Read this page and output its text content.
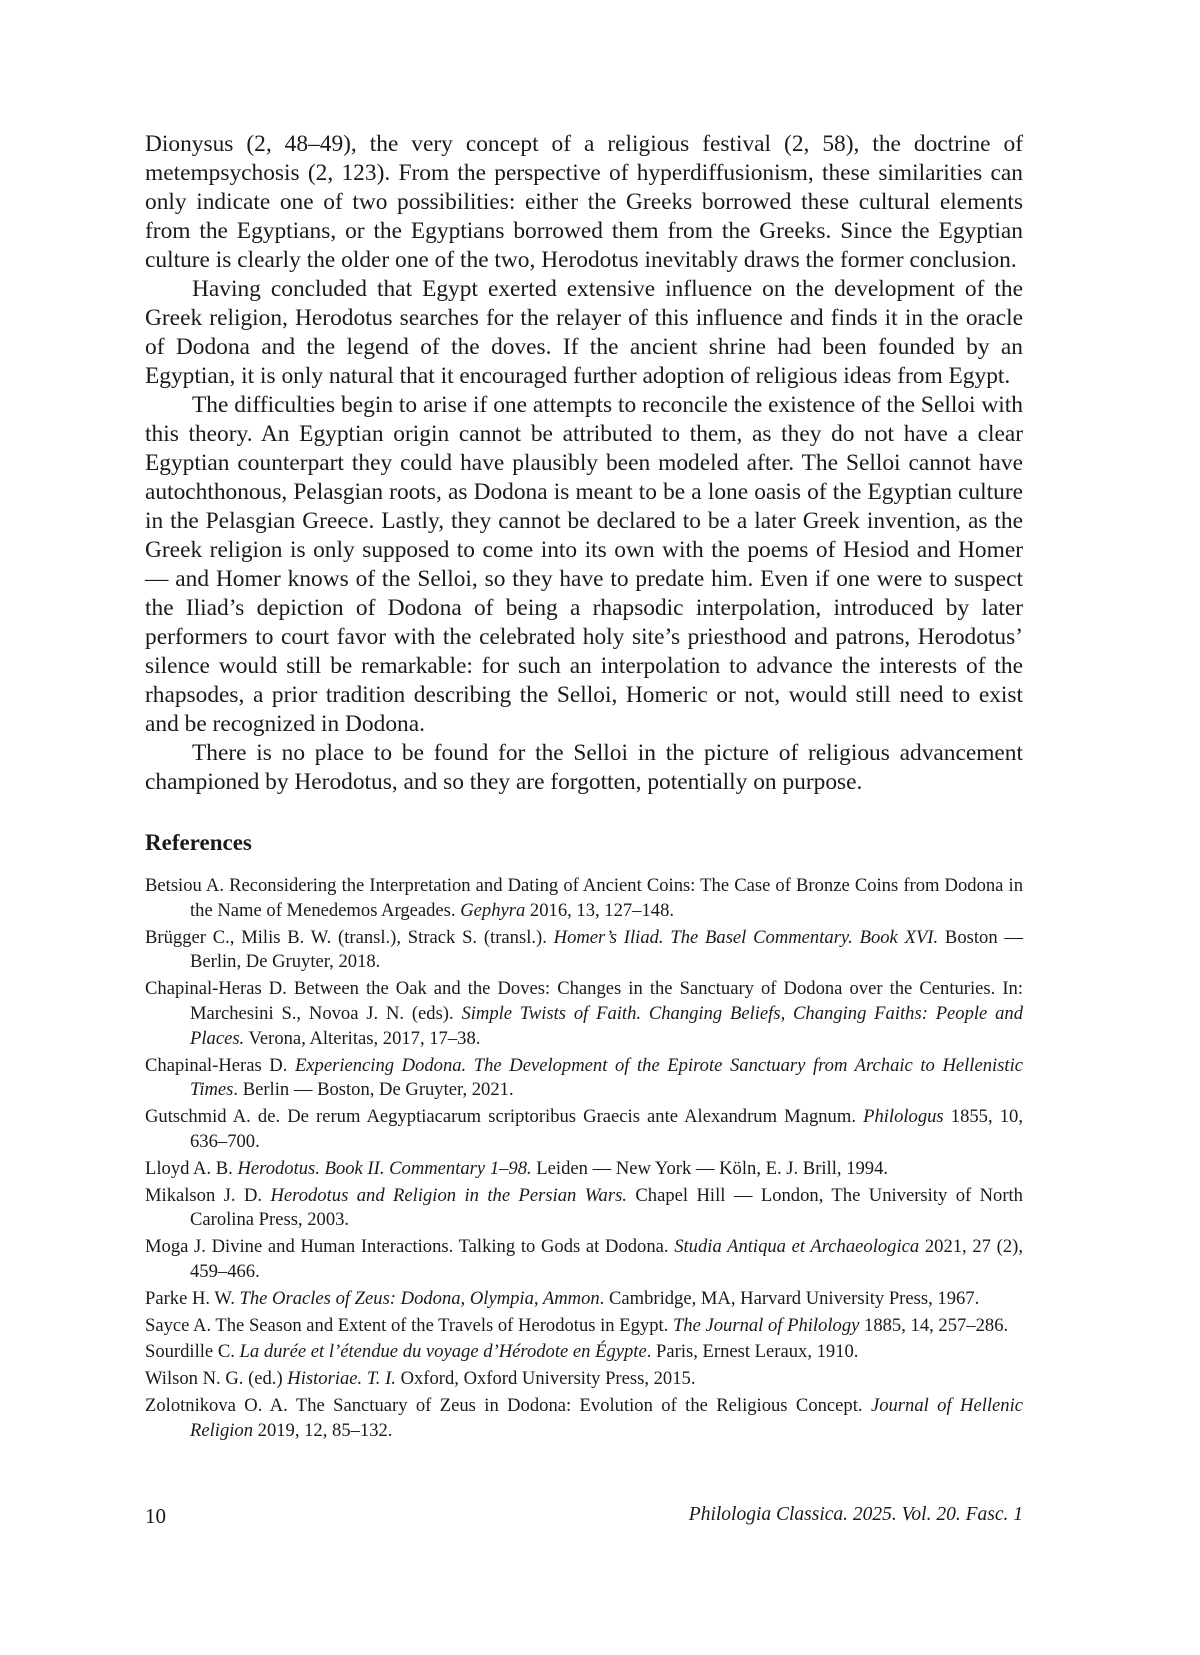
Dionysus (2, 48–49), the very concept of a religious festival (2, 58), the doctrine of metempsychosis (2, 123). From the perspective of hyperdiffusionism, these similarities can only indicate one of two possibilities: either the Greeks borrowed these cultural elements from the Egyptians, or the Egyptians borrowed them from the Greeks. Since the Egyptian culture is clearly the older one of the two, Herodotus inevitably draws the former conclusion.

Having concluded that Egypt exerted extensive influence on the development of the Greek religion, Herodotus searches for the relayer of this influence and finds it in the oracle of Dodona and the legend of the doves. If the ancient shrine had been founded by an Egyptian, it is only natural that it encouraged further adoption of religious ideas from Egypt.

The difficulties begin to arise if one attempts to reconcile the existence of the Selloi with this theory. An Egyptian origin cannot be attributed to them, as they do not have a clear Egyptian counterpart they could have plausibly been modeled after. The Selloi cannot have autochthonous, Pelasgian roots, as Dodona is meant to be a lone oasis of the Egyptian culture in the Pelasgian Greece. Lastly, they cannot be declared to be a later Greek invention, as the Greek religion is only supposed to come into its own with the poems of Hesiod and Homer — and Homer knows of the Selloi, so they have to predate him. Even if one were to suspect the Iliad’s depiction of Dodona of being a rhapsodic interpolation, introduced by later performers to court favor with the celebrated holy site’s priesthood and patrons, Herodotus’ silence would still be remarkable: for such an interpolation to advance the interests of the rhapsodes, a prior tradition describing the Selloi, Homeric or not, would still need to exist and be recognized in Dodona.

There is no place to be found for the Selloi in the picture of religious advancement championed by Herodotus, and so they are forgotten, potentially on purpose.

References
Betsiou A. Reconsidering the Interpretation and Dating of Ancient Coins: The Case of Bronze Coins from Dodona in the Name of Menedemos Argeades. Gephyra 2016, 13, 127–148.
Brügger C., Milis B. W. (transl.), Strack S. (transl.). Homer’s Iliad. The Basel Commentary. Book XVI. Boston — Berlin, De Gruyter, 2018.
Chapinal-Heras D. Between the Oak and the Doves: Changes in the Sanctuary of Dodona over the Centuries. In: Marchesini S., Novoa J. N. (eds). Simple Twists of Faith. Changing Beliefs, Changing Faiths: People and Places. Verona, Alteritas, 2017, 17–38.
Chapinal-Heras D. Experiencing Dodona. The Development of the Epirote Sanctuary from Archaic to Hellenistic Times. Berlin — Boston, De Gruyter, 2021.
Gutschmid A. de. De rerum Aegyptiacarum scriptoribus Graecis ante Alexandrum Magnum. Philologus 1855, 10, 636–700.
Lloyd A. B. Herodotus. Book II. Commentary 1–98. Leiden — New York — Köln, E. J. Brill, 1994.
Mikalson J. D. Herodotus and Religion in the Persian Wars. Chapel Hill — London, The University of North Carolina Press, 2003.
Moga J. Divine and Human Interactions. Talking to Gods at Dodona. Studia Antiqua et Archaeologica 2021, 27 (2), 459–466.
Parke H. W. The Oracles of Zeus: Dodona, Olympia, Ammon. Cambridge, MA, Harvard University Press, 1967.
Sayce A. The Season and Extent of the Travels of Herodotus in Egypt. The Journal of Philology 1885, 14, 257–286.
Sourdille C. La durée et l’étendue du voyage d’Hérodote en Égypte. Paris, Ernest Leraux, 1910.
Wilson N. G. (ed.) Historiae. T. I. Oxford, Oxford University Press, 2015.
Zolotnikova O. A. The Sanctuary of Zeus in Dodona: Evolution of the Religious Concept. Journal of Hellenic Religion 2019, 12, 85–132.
10	Philologia Classica. 2025. Vol. 20. Fasc. 1
